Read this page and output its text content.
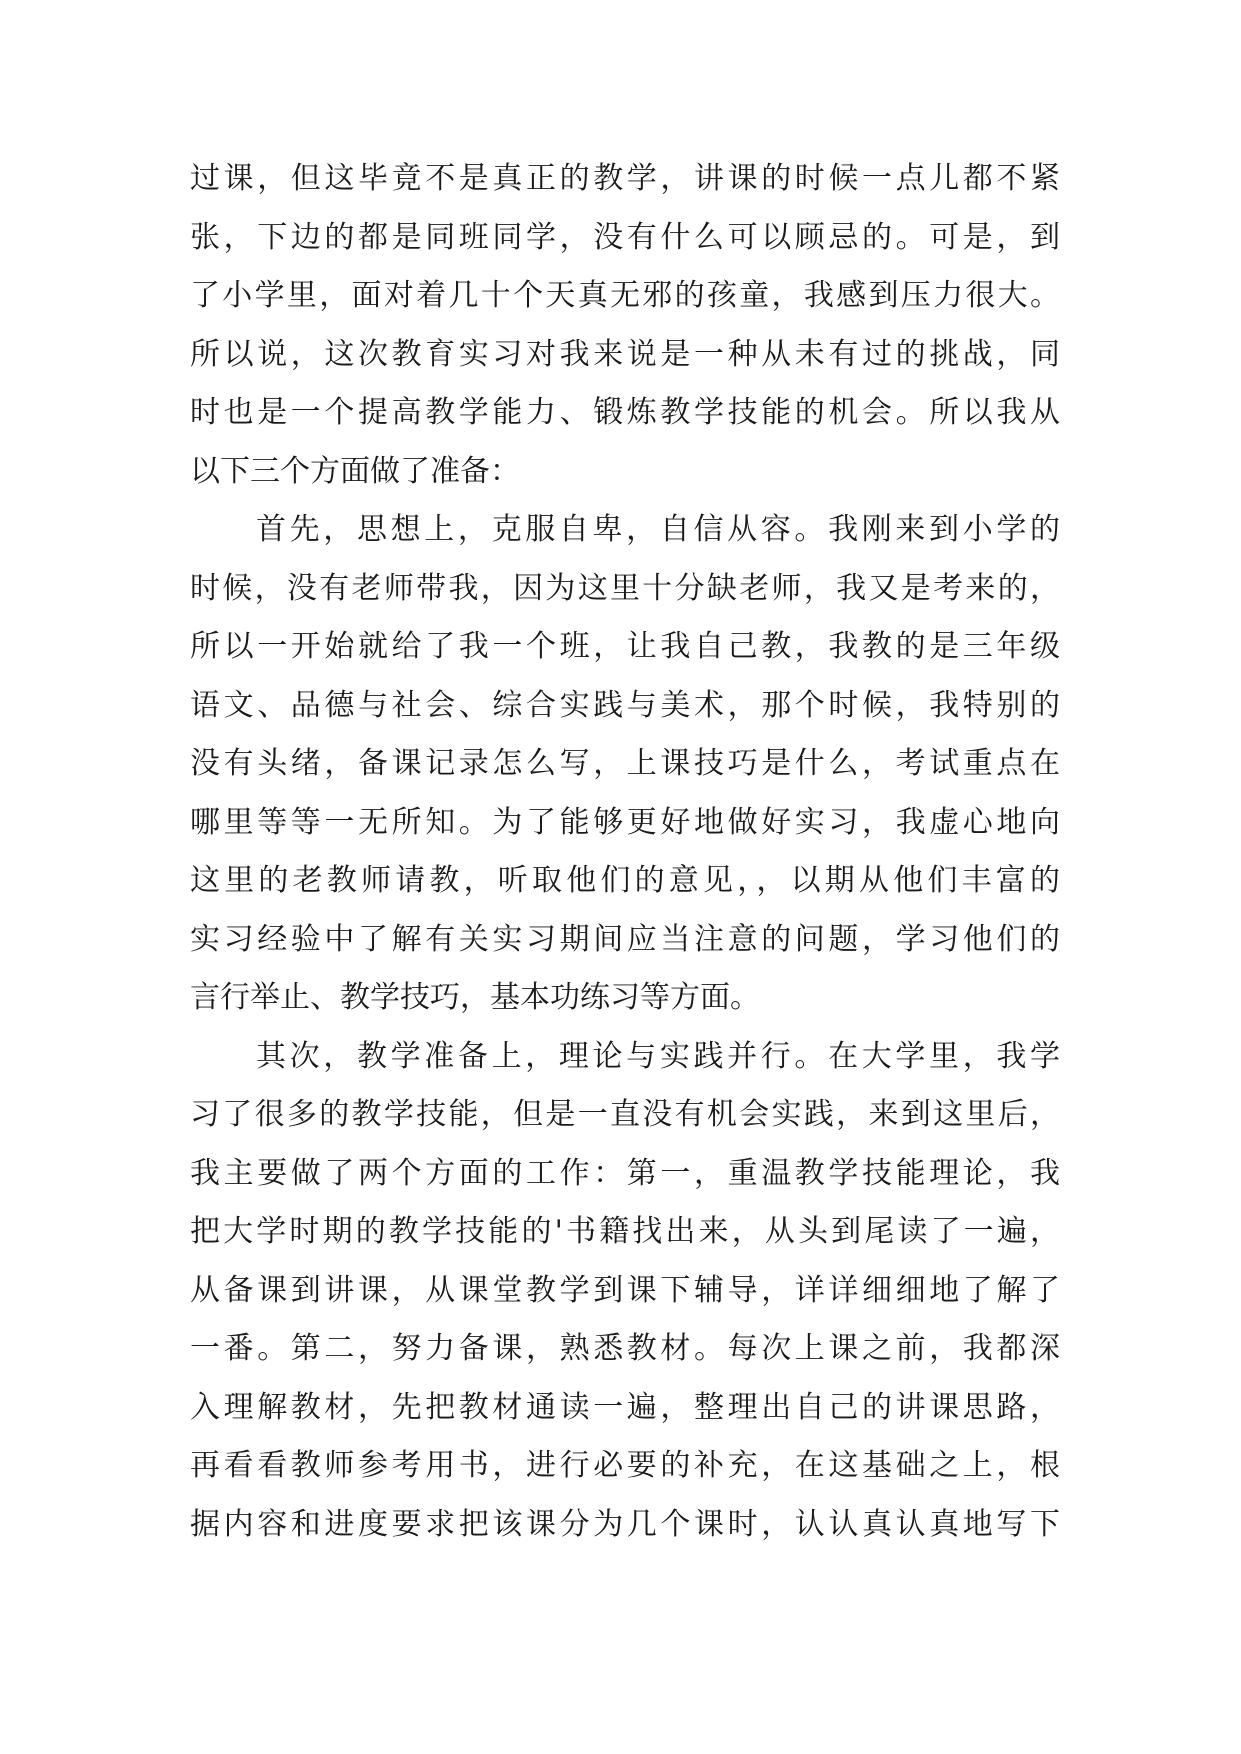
过课，但这毕竟不是真正的教学，讲课的时候一点儿都不紧
张，下边的都是同班同学，没有什么可以顾忌的。可是，到
了小学里，面对着几十个天真无邪的孩童，我感到压力很大。
所以说，这次教育实习对我来说是一种从未有过的挑战，同
时也是一个提高教学能力、锻炼教学技能的机会。所以我从
以下三个方面做了准备：
首先，思想上，克服自卑，自信从容。我刚来到小学的
时候，没有老师带我，因为这里十分缺老师，我又是考来的，
所以一开始就给了我一个班，让我自己教，我教的是三年级
语文、品德与社会、综合实践与美术，那个时候，我特别的
没有头绪，备课记录怎么写，上课技巧是什么，考试重点在
哪里等等一无所知。为了能够更好地做好实习，我虚心地向
这里的老教师请教，听取他们的意见，，以期从他们丰富的
实习经验中了解有关实习期间应当注意的问题，学习他们的
言行举止、教学技巧，基本功练习等方面。
其次，教学准备上，理论与实践并行。在大学里，我学
习了很多的教学技能，但是一直没有机会实践，来到这里后，
我主要做了两个方面的工作：第一，重温教学技能理论，我
把大学时期的教学技能的'书籍找出来，从头到尾读了一遍，
从备课到讲课，从课堂教学到课下辅导，详详细细地了解了
一番。第二，努力备课，熟悉教材。每次上课之前，我都深
入理解教材，先把教材通读一遍，整理出自己的讲课思路，
再看看教师参考用书，进行必要的补充，在这基础之上，根
据内容和进度要求把该课分为几个课时，认认真认真地写下
